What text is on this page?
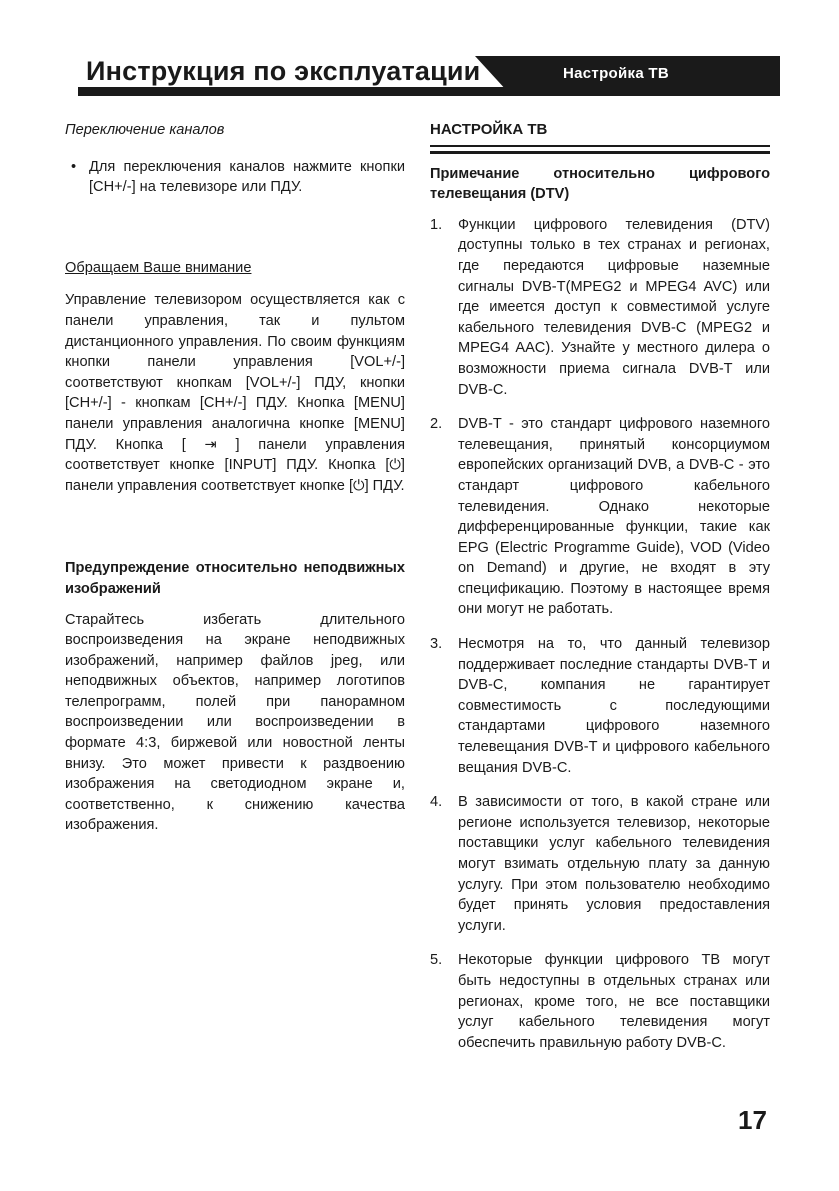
Инструкция по эксплуатации	Настройка ТВ

Переключение каналов

• Для переключения каналов нажмите кнопки [CH+/-] на телевизоре или ПДУ.

Обращаем Ваше внимание

Управление телевизором осуществляется как с панели управления, так и пультом дистанционного управления. По своим функциям кнопки панели управления [VOL+/-] соответствуют кнопкам [VOL+/-] ПДУ, кнопки [CH+/-] - кнопкам [CH+/-] ПДУ. Кнопка [MENU] панели управления аналогична кнопке [MENU] ПДУ. Кнопка [ ⇥ ] панели управления соответствует кнопке [INPUT] ПДУ. Кнопка [⏻] панели управления соответствует кнопке [⏻] ПДУ.

Предупреждение относительно неподвижных изображений

Старайтесь избегать длительного воспроизведения на экране неподвижных изображений, например файлов jpeg, или неподвижных объектов, например логотипов телепрограмм, полей при панорамном воспроизведении или воспроизведении в формате 4:3, биржевой или новостной ленты внизу. Это может привести к раздвоению изображения на светодиодном экране и, соответственно, к снижению качества изображения.

НАСТРОЙКА ТВ

Примечание относительно цифрового телевещания (DTV)

1.	Функции цифрового телевидения (DTV) доступны только в тех странах и регионах, где передаются цифровые наземные сигналы DVB-T(MPEG2 и MPEG4 AVC) или где имеется доступ к совместимой услуге кабельного телевидения DVB-C (MPEG2 и MPEG4 AAC). Узнайте у местного дилера о возможности приема сигнала DVB-T или DVB-C.
2.	DVB-T - это стандарт цифрового наземного телевещания, принятый консорциумом европейских организаций DVB, а DVB-C - это стандарт цифрового кабельного телевидения. Однако некоторые дифференцированные функции, такие как EPG (Electric Programme Guide), VOD (Video on Demand) и другие, не входят в эту спецификацию. Поэтому в настоящее время они могут не работать.
3.	Несмотря на то, что данный телевизор поддерживает последние стандарты DVB-T и DVB-C, компания не гарантирует совместимость с последующими стандартами цифрового наземного телевещания DVB-T и цифрового кабельного вещания DVB-C.
4.	В зависимости от того, в какой стране или регионе используется телевизор, некоторые поставщики услуг кабельного телевидения могут взимать отдельную плату за данную услугу. При этом пользователю необходимо будет принять условия предоставления услуги.
5.	Некоторые функции цифрового ТВ могут быть недоступны в отдельных странах или регионах, кроме того, не все поставщики услуг кабельного телевидения могут обеспечить правильную работу DVB-C.
17
